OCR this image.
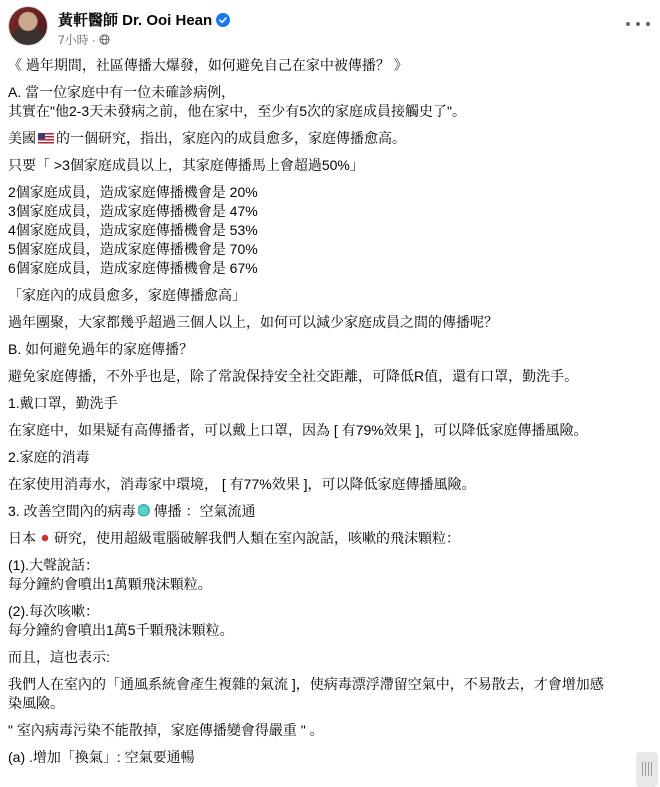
黃軒醫師 Dr. Ooi Hean
7小時 ·

《 過年期間，社區傳播大爆發，如何避免自己在家中被傳播？ 》

A. 當一位家庭中有一位未確診病例，

其實在"他2-3天未發病之前，他在家中，至少有5次的家庭成員接觸史了"。

美國 的一個研究，指出，家庭內的成員愈多，家庭傳播愈高。

只要「 >3個家庭成員以上，其家庭傳播馬上會超過50%」

2個家庭成員，造成家庭傳播機會是 20%

3個家庭成員，造成家庭傳播機會是 47%

4個家庭成員，造成家庭傳播機會是 53%

5個家庭成員，造成家庭傳播機會是 70%

6個家庭成員，造成家庭傳播機會是 67%

「家庭內的成員愈多，家庭傳播愈高」

過年團聚，大家都幾乎超過三個人以上，如何可以減少家庭成員之間的傳播呢？

B. 如何避免過年的家庭傳播？

避免家庭傳播，不外乎也是，除了常說保持安全社交距離，可降低R值，還有口罩，勤洗手。

1.戴口罩，勤洗手

在家庭中，如果疑有高傳播者，可以戴上口罩，因為 [ 有79%效果 ]，可以降低家庭傳播風險。

2.家庭的消毒

在家使用消毒水，消毒家中環境， [ 有77%效果 ]，可以降低家庭傳播風險。

3. 改善空間內的病毒 傳播 ：空氣流通

日本 研究，使用超級電腦破解我們人類在室內說話，咳嗽的飛沫顆粒：

(1).大聲說話：

每分鐘約會噴出1萬顆飛沫顆粒。

(2).每次咳嗽：

每分鐘約會噴出1萬5千顆飛沫顆粒。

而且，這也表示:

我們人在室內的「通風系統會產生複雜的氣流 ]，使病毒漂浮滯留空氣中，不易散去，才會增加感

染風險。

" 室內病毒污染不能散掉，家庭傳播變會得嚴重 " 。

(a) .增加「換氣」: 空氣要通暢
